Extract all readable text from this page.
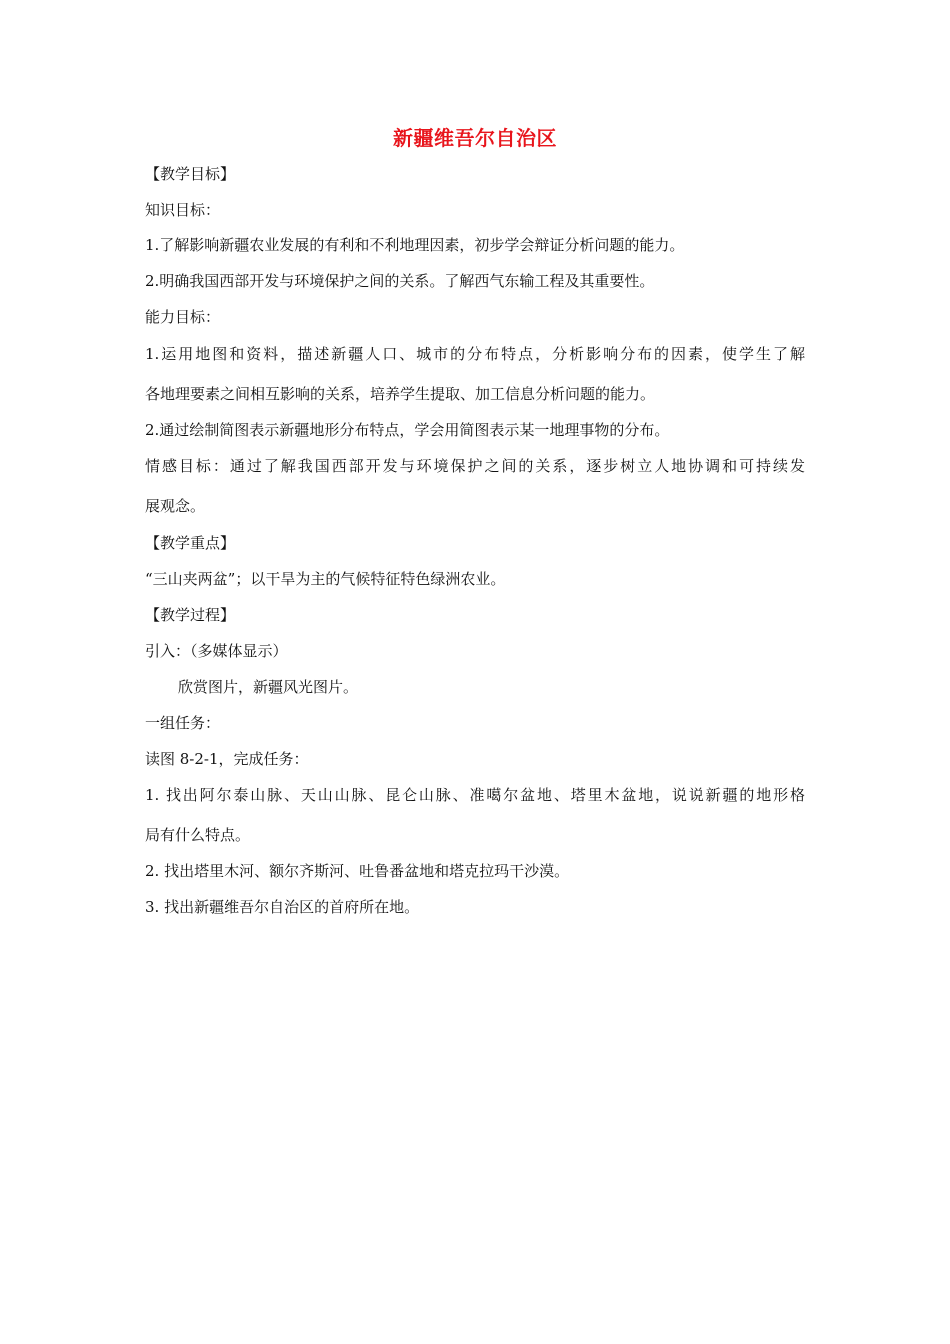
新疆维吾尔自治区
【教学目标】
知识目标：
1.了解影响新疆农业发展的有利和不利地理因素，初步学会辩证分析问题的能力。
2.明确我国西部开发与环境保护之间的关系。了解西气东输工程及其重要性。
能力目标：
1.运用地图和资料，描述新疆人口、城市的分布特点，分析影响分布的因素，使学生了解
各地理要素之间相互影响的关系，培养学生提取、加工信息分析问题的能力。
2.通过绘制简图表示新疆地形分布特点，学会用简图表示某一地理事物的分布。
情感目标：通过了解我国西部开发与环境保护之间的关系，逐步树立人地协调和可持续发
展观念。
【教学重点】
“三山夹两盆”；以干旱为主的气候特征特色绿洲农业。
【教学过程】
引入：（多媒体显示）
欣赏图片，新疆风光图片。
一组任务：
读图 8-2-1，完成任务：
1. 找出阿尔泰山脉、天山山脉、昆仑山脉、准噶尔盆地、塔里木盆地，说说新疆的地形格
局有什么特点。
2. 找出塔里木河、额尔齐斯河、吐鲁番盆地和塔克拉玛干沙漠。
3. 找出新疆维吾尔自治区的首府所在地。
